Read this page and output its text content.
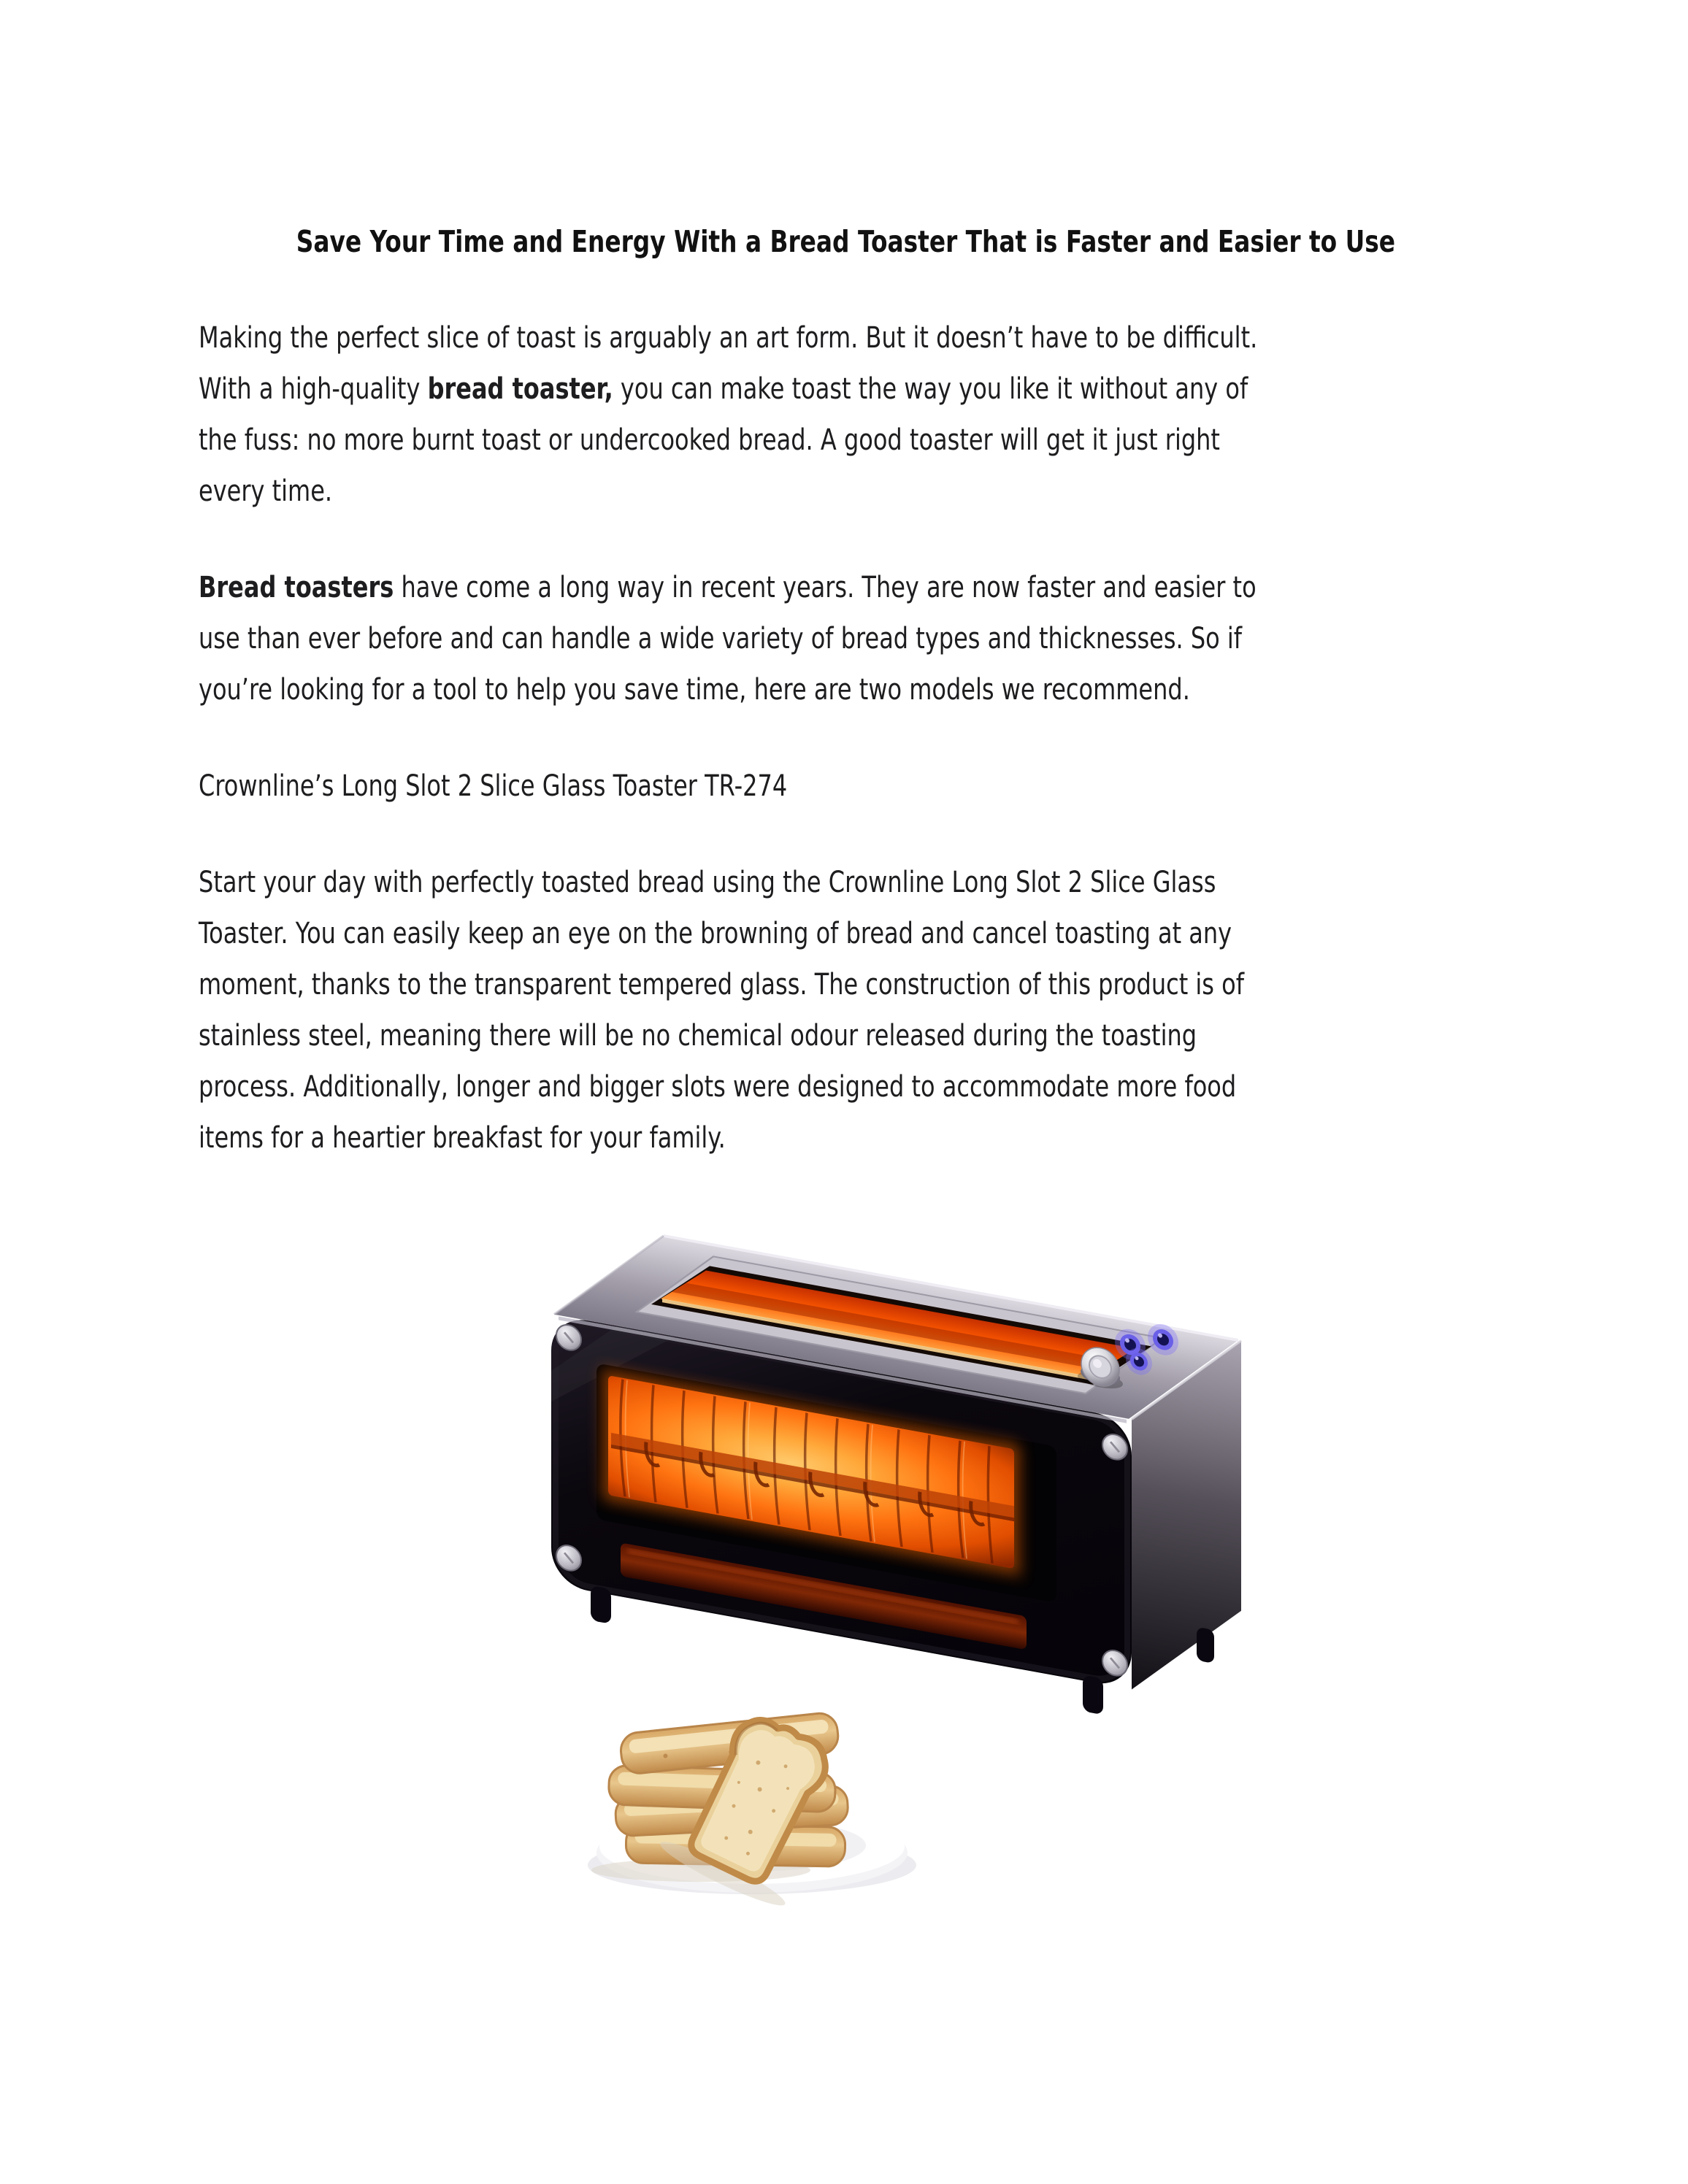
Save Your Time and Energy With a Bread Toaster That is Faster and Easier to Use
Making the perfect slice of toast is arguably an art form. But it doesn’t have to be difficult.
With a high-quality bread toaster, you can make toast the way you like it without any of
the fuss: no more burnt toast or undercooked bread. A good toaster will get it just right
every time.
Bread toasters have come a long way in recent years. They are now faster and easier to
use than ever before and can handle a wide variety of bread types and thicknesses. So if
you’re looking for a tool to help you save time, here are two models we recommend.
Crownline’s Long Slot 2 Slice Glass Toaster TR-274
Start your day with perfectly toasted bread using the Crownline Long Slot 2 Slice Glass
Toaster. You can easily keep an eye on the browning of bread and cancel toasting at any
moment, thanks to the transparent tempered glass. The construction of this product is of
stainless steel, meaning there will be no chemical odour released during the toasting
process. Additionally, longer and bigger slots were designed to accommodate more food
items for a heartier breakfast for your family.
